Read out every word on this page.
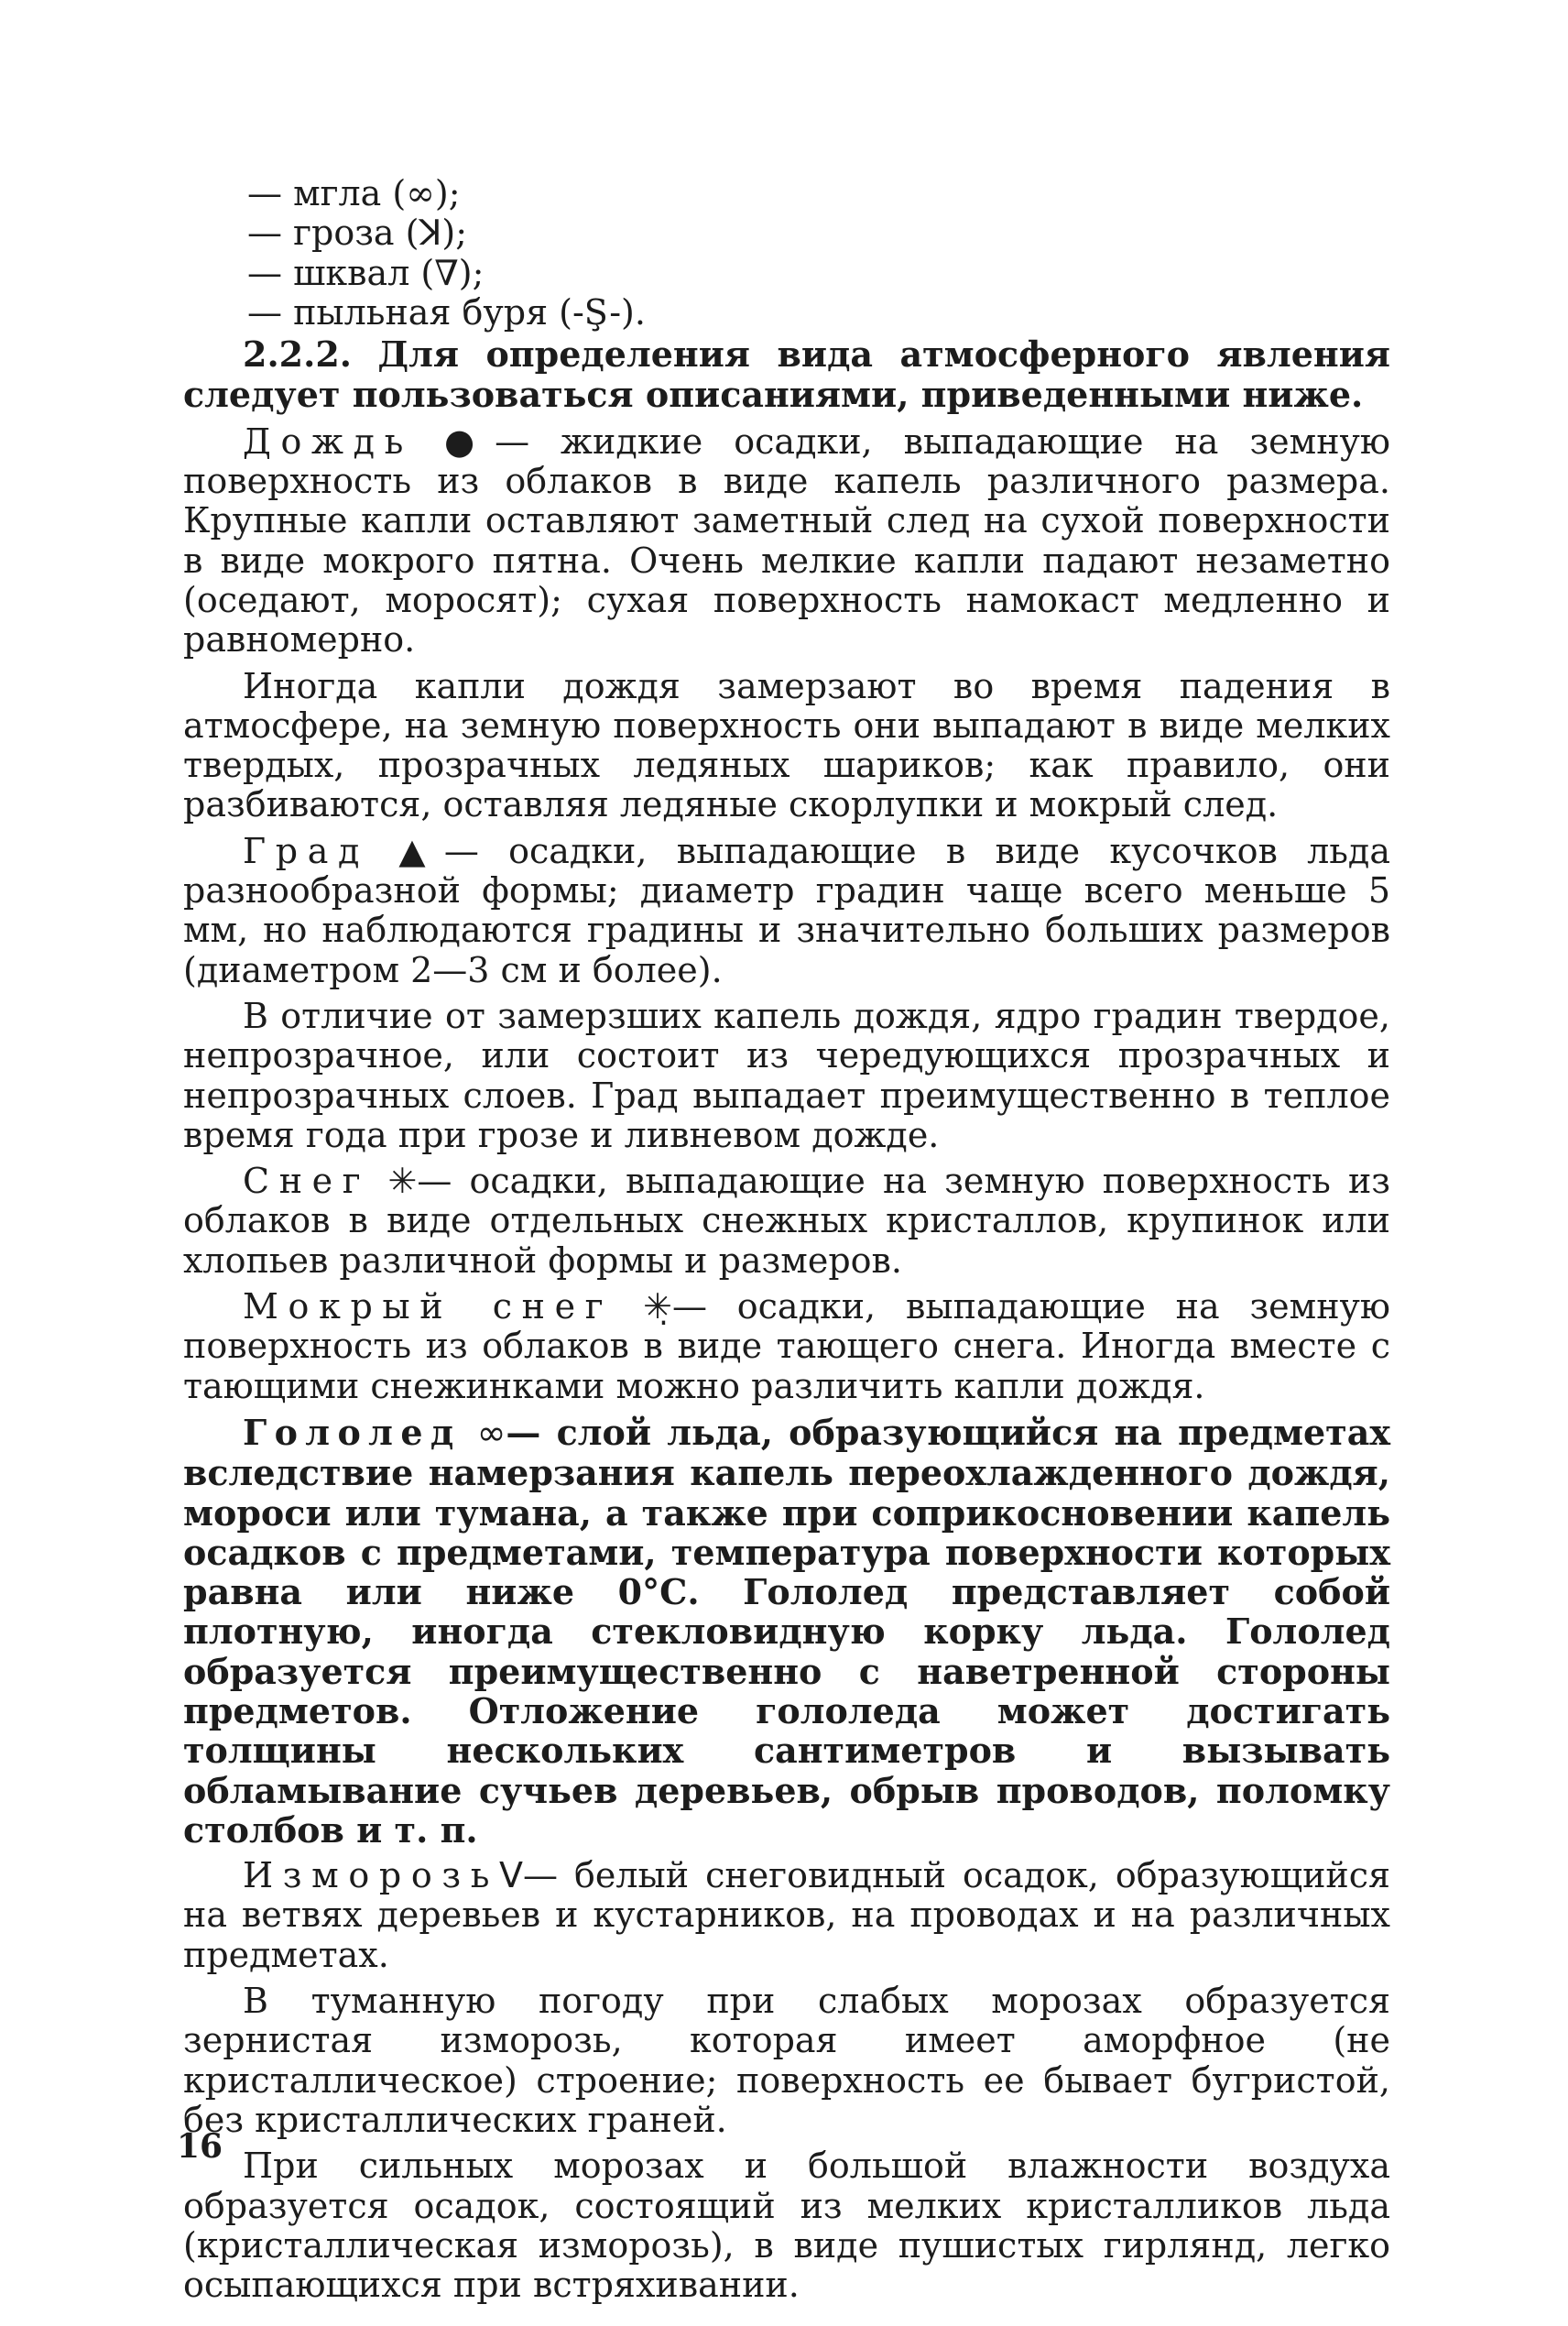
— мгла (∞);
— гроза (ꓘ);
— шквал (∇);
— пыльная буря (-Ş-).

2.2.2. Для определения вида атмосферного явления следует пользоваться описаниями, приведенными ниже.

Дождь ●— жидкие осадки, выпадающие на земную поверхность из облаков в виде капель различного размера. Крупные капли оставляют заметный след на сухой поверхности в виде мокрого пятна. Очень мелкие капли падают незаметно (оседают, моросят); сухая поверхность намокаст медленно и равномерно.

Иногда капли дождя замерзают во время падения в атмосфере, на земную поверхность они выпадают в виде мелких твердых, прозрачных ледяных шариков; как правило, они разбиваются, оставляя ледяные скорлупки и мокрый след.

Град ▲— осадки, выпадающие в виде кусочков льда разнообразной формы; диаметр градин чаще всего меньше 5 мм, но наблюдаются градины и значительно больших размеров (диаметром 2—3 см и более).

В отличие от замерзших капель дождя, ядро градин твердое, непрозрачное, или состоит из чередующихся прозрачных и непрозрачных слоев. Град выпадает преимущественно в теплое время года при грозе и ливневом дожде.

Снег ✳— осадки, выпадающие на земную поверхность из облаков в виде отдельных снежных кристаллов, крупинок или хлопьев различной формы и размеров.

Мокрый снег ✳̣— осадки, выпадающие на земную поверхность из облаков в виде тающего снега. Иногда вместе с тающими снежинками можно различить капли дождя.

Гололед ∞— слой льда, образующийся на предметах вследствие намерзания капель переохлажденного дождя, мороси или тумана, а также при соприкосновении капель осадков с предметами, температура поверхности которых равна или ниже 0°С. Гололед представляет собой плотную, иногда стекловидную корку льда. Гололед образуется преимущественно с наветренной стороны предметов. Отложение гололеда может достигать толщины нескольких сантиметров и вызывать обламывание сучьев деревьев, обрыв проводов, поломку столбов и т. п.

ИзморозьV— белый снеговидный осадок, образующийся на ветвях деревьев и кустарников, на проводах и на различных предметах.

В туманную погоду при слабых морозах образуется зернистая изморозь, которая имеет аморфное (не кристаллическое) строение; поверхность ее бывает бугристой, без кристаллических граней.

При сильных морозах и большой влажности воздуха образуется осадок, состоящий из мелких кристалликов льда (кристаллическая изморозь), в виде пушистых гирлянд, легко осыпающихся при встряхивании.

16
